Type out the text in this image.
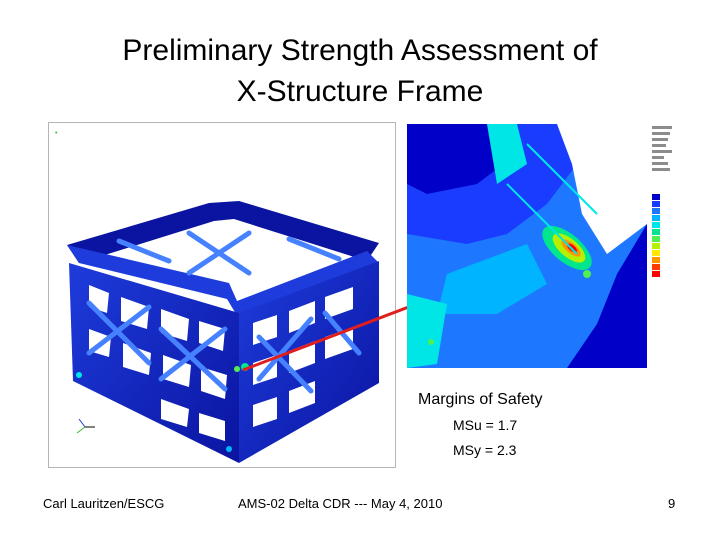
Preliminary Strength Assessment of
X-Structure Frame
•
Margins of Safety
MSu = 1.7
MSy = 2.3
Carl Lauritzen/ESCG	AMS-02 Delta CDR --- May 4, 2010	9
